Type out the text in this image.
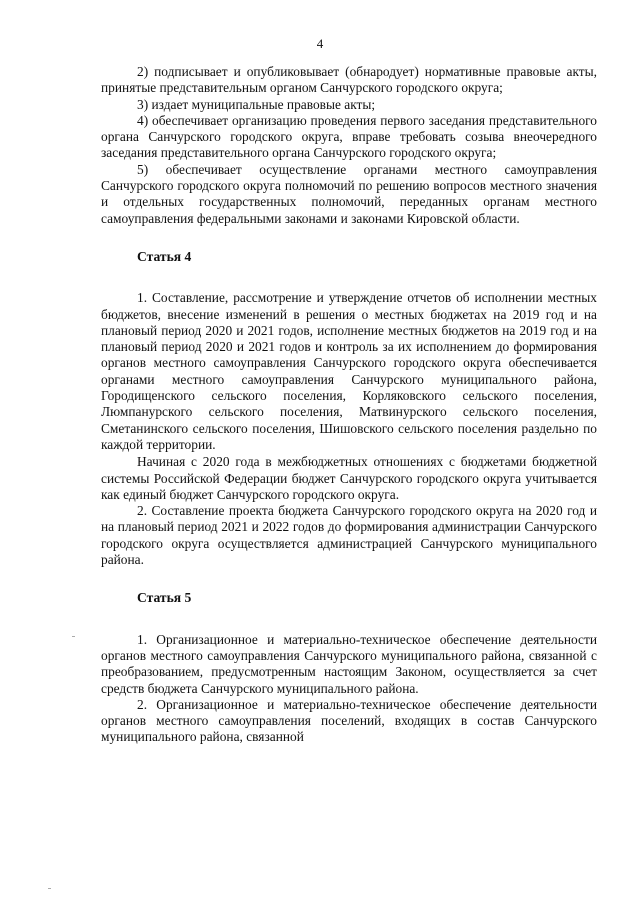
4

2) подписывает и опубликовывает (обнародует) нормативные правовые акты, принятые представительным органом Санчурского городского округа;

3) издает муниципальные правовые акты;

4) обеспечивает организацию проведения первого заседания представительного органа Санчурского городского округа, вправе требовать созыва внеочередного заседания представительного органа Санчурского городского округа;

5) обеспечивает осуществление органами местного самоуправления Санчурского городского округа полномочий по решению вопросов местного значения и отдельных государственных полномочий, переданных органам местного самоуправления федеральными законами и законами Кировской области.

Статья 4

1. Составление, рассмотрение и утверждение отчетов об исполнении местных бюджетов, внесение изменений в решения о местных бюджетах на 2019 год и на плановый период 2020 и 2021 годов, исполнение местных бюджетов на 2019 год и на плановый период 2020 и 2021 годов и контроль за их исполнением до формирования органов местного самоуправления Санчурского городского округа обеспечивается органами местного самоуправления Санчурского муниципального района, Городищенского сельского поселения, Корляковского сельского поселения, Люмпанурского сельского поселения, Матвинурского сельского поселения, Сметанинского сельского поселения, Шишовского сельского поселения раздельно по каждой территории.

Начиная с 2020 года в межбюджетных отношениях с бюджетами бюджетной системы Российской Федерации бюджет Санчурского городского округа учитывается как единый бюджет Санчурского городского округа.

2. Составление проекта бюджета Санчурского городского округа на 2020 год и на плановый период 2021 и 2022 годов до формирования администрации Санчурского городского округа осуществляется администрацией Санчурского муниципального района.

Статья 5

1. Организационное и материально-техническое обеспечение деятельности органов местного самоуправления Санчурского муниципального района, связанной с преобразованием, предусмотренным настоящим Законом, осуществляется за счет средств бюджета Санчурского муниципального района.

2. Организационное и материально-техническое обеспечение деятельности органов местного самоуправления поселений, входящих в состав Санчурского муниципального района, связанной
